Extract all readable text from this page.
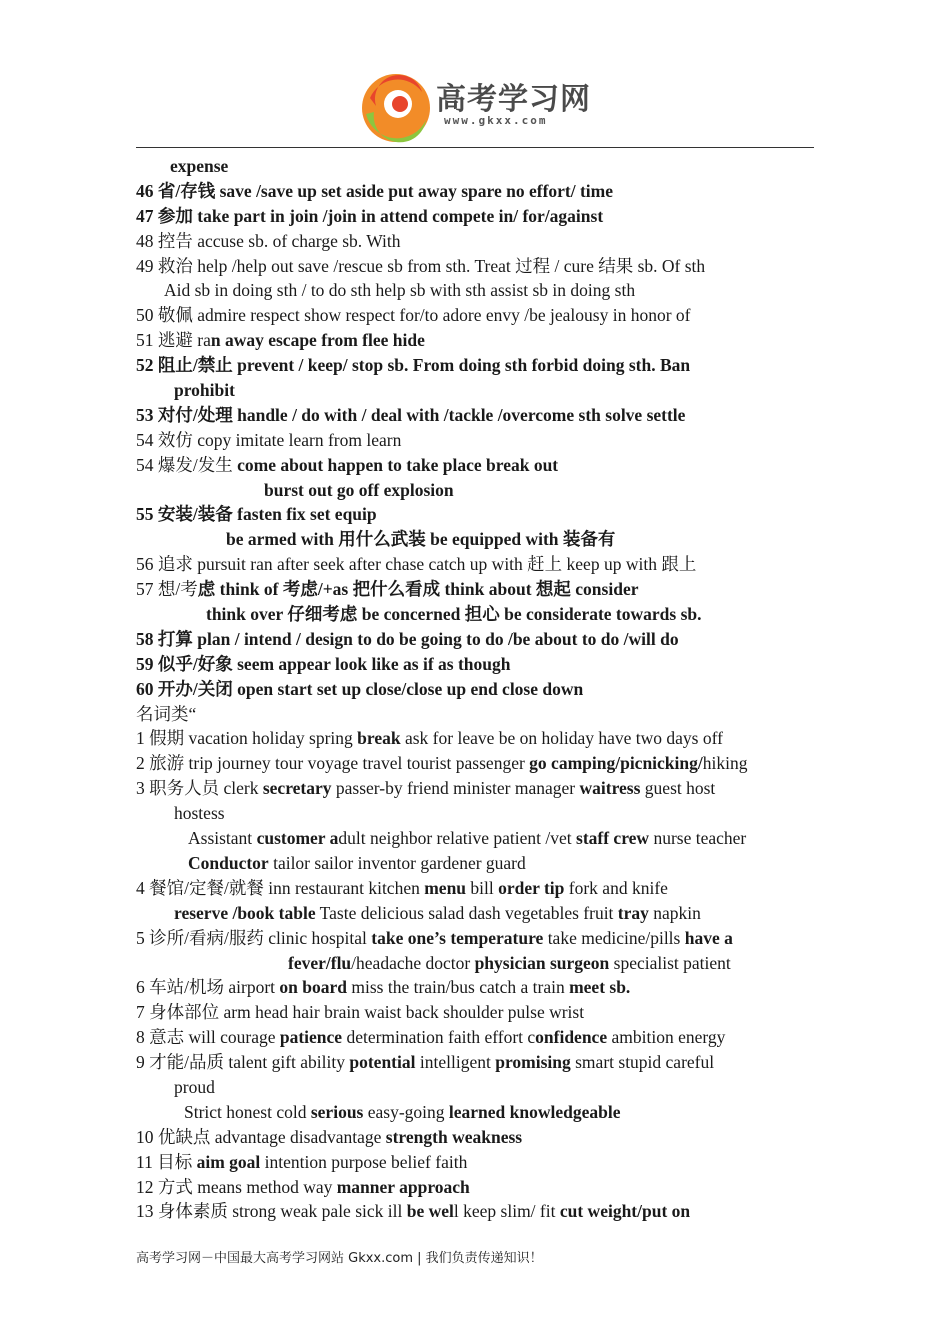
高考学习网
www.gkxx.com
expense
46 省/存钱 save /save up set aside put away spare no effort/ time
47 参加 take part in join /join in attend compete in/ for/against
48 控告 accuse sb. of charge sb. With
49 救治 help /help out save /rescue sb from sth. Treat 过程 / cure 结果 sb. Of sth
Aid sb in doing sth / to do sth help sb with sth assist sb in doing sth
50 敬佩 admire respect show respect for/to adore envy /be jealousy in honor of
51 逃避 ran away escape from flee hide
52 阻止/禁止 prevent / keep/ stop sb. From doing sth forbid doing sth. Ban
prohibit
53 对付/处理 handle / do with / deal with /tackle /overcome sth solve settle
54 效仿 copy imitate learn from learn
54 爆发/发生 come about happen to take place break out
burst out go off explosion
55 安装/装备 fasten fix set equip
be armed with 用什么武装 be equipped with 装备有
56 追求 pursuit ran after seek after chase catch up with 赶上 keep up with 跟上
57 想/考虑 think of 考虑/+as 把什么看成 think about 想起 consider
think over 仔细考虑 be concerned 担心 be considerate towards sb.
58 打算 plan / intend / design to do be going to do /be about to do /will do
59 似乎/好象 seem appear look like as if as though
60 开办/关闭 open start set up close/close up end close down
名词类“
1 假期 vacation holiday spring break ask for leave be on holiday have two days off
2 旅游 trip journey tour voyage travel tourist passenger go camping/picnicking/hiking
3 职务人员 clerk secretary passer-by friend minister manager waitress guest host
hostess
Assistant customer adult neighbor relative patient /vet staff crew nurse teacher
Conductor tailor sailor inventor gardener guard
4 餐馆/定餐/就餐 inn restaurant kitchen menu bill order tip fork and knife
reserve /book table Taste delicious salad dash vegetables fruit tray napkin
5 诊所/看病/服药 clinic hospital take one’s temperature take medicine/pills have a
fever/flu/headache doctor physician surgeon specialist patient
6 车站/机场 airport on board miss the train/bus catch a train meet sb.
7 身体部位 arm head hair brain waist back shoulder pulse wrist
8 意志 will courage patience determination faith effort confidence ambition energy
9 才能/品质 talent gift ability potential intelligent promising smart stupid careful
proud
Strict honest cold serious easy-going learned knowledgeable
10 优缺点 advantage disadvantage strength weakness
11 目标 aim goal intention purpose belief faith
12 方式 means method way manner approach
13 身体素质 strong weak pale sick ill be well keep slim/ fit cut weight/put on
高考学习网－中国最大高考学习网站 Gkxx.com | 我们负责传递知识！
